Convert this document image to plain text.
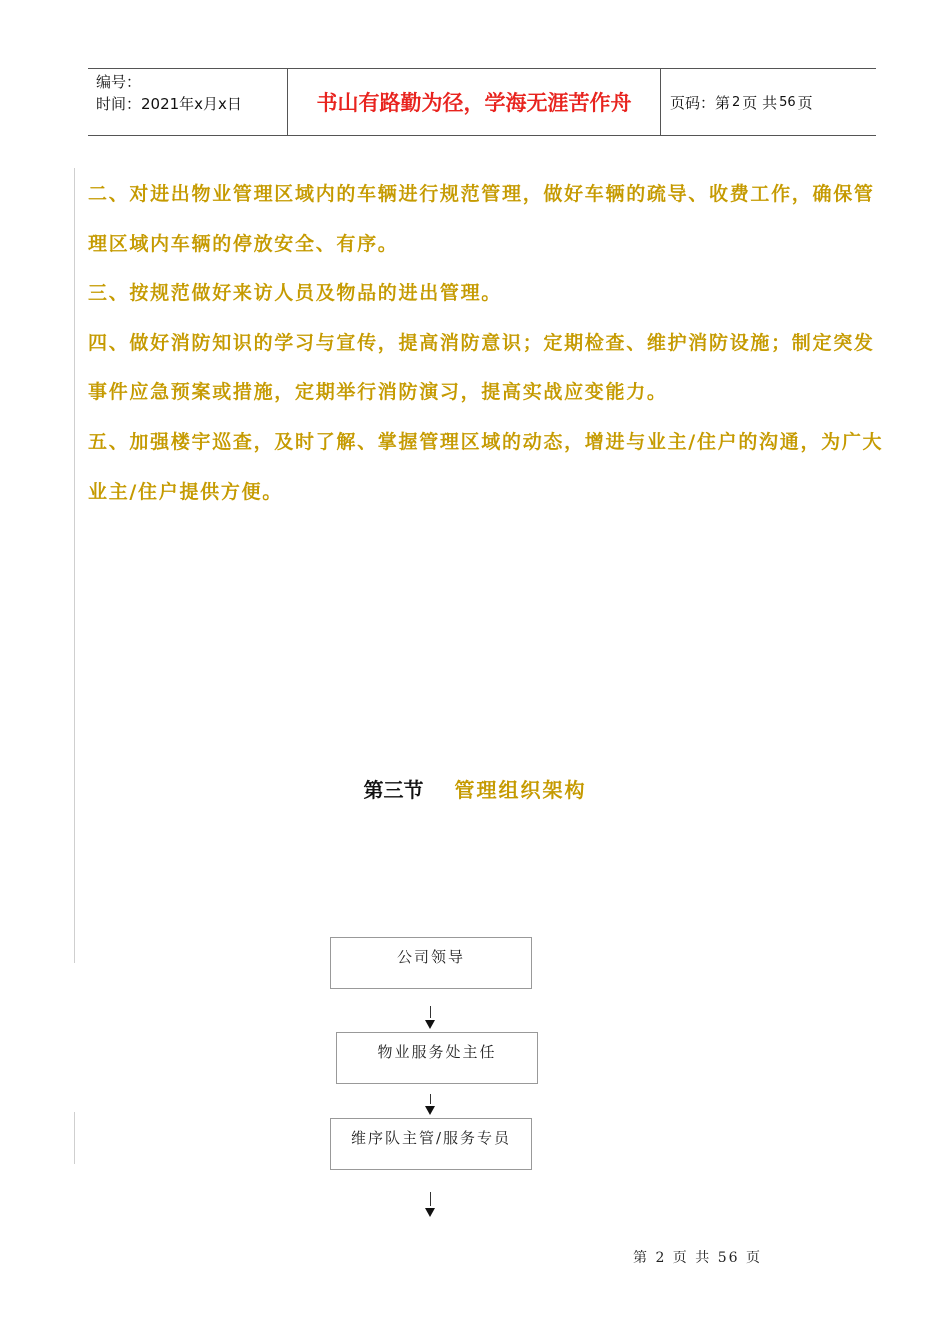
编号：
时间：2021年x月x日	书山有路勤为径，学海无涯苦作舟	页码：第 2 页 共 56 页

二、对进出物业管理区域内的车辆进行规范管理，做好车辆的疏导、收费工作，确保管理区域内车辆的停放安全、有序。

三、按规范做好来访人员及物品的进出管理。

四、做好消防知识的学习与宣传，提高消防意识；定期检查、维护消防设施；制定突发事件应急预案或措施，定期举行消防演习，提高实战应变能力。

五、加强楼宇巡查，及时了解、掌握管理区域的动态，增进与业主/住户的沟通，为广大业主/住户提供方便。

第三节 管理组织架构
公司领导
物业服务处主任
维序队主管/服务专员
第 2 页 共 56 页
